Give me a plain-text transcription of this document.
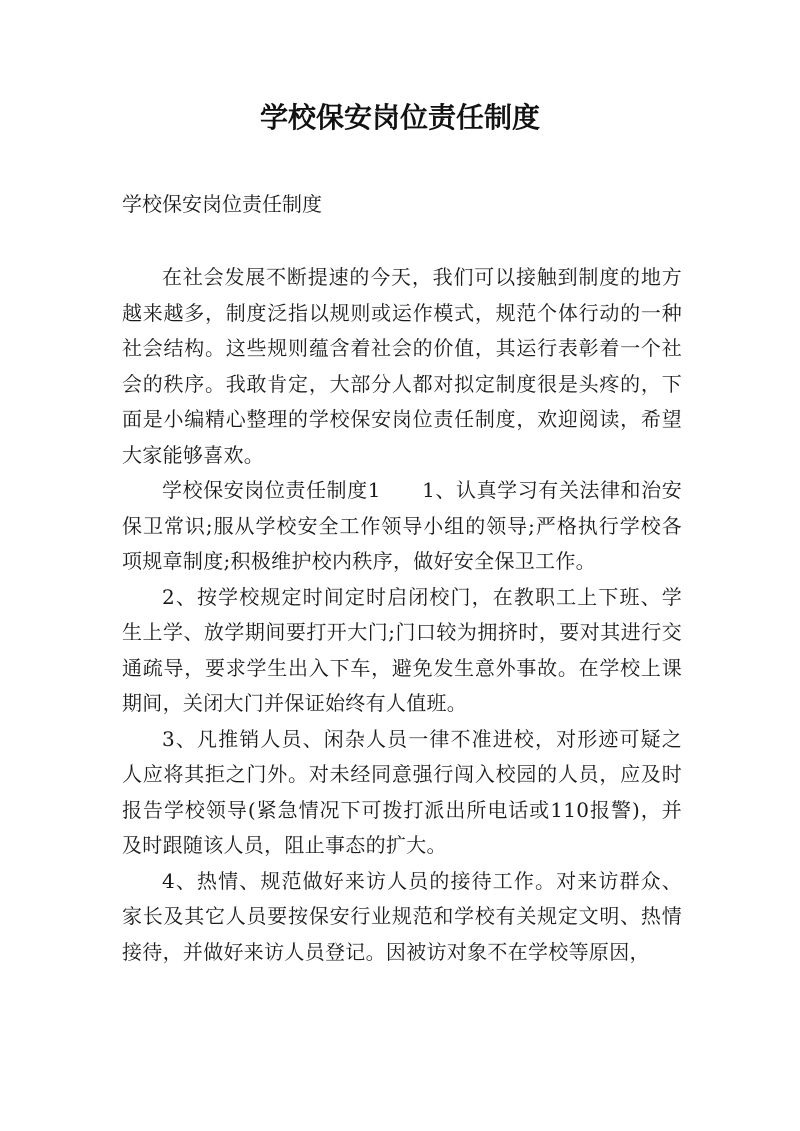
学校保安岗位责任制度

学校保安岗位责任制度

在社会发展不断提速的今天，我们可以接触到制度的地方越来越多，制度泛指以规则或运作模式，规范个体行动的一种社会结构。这些规则蕴含着社会的价值，其运行表彰着一个社会的秩序。我敢肯定，大部分人都对拟定制度很是头疼的，下面是小编精心整理的学校保安岗位责任制度，欢迎阅读，希望大家能够喜欢。

学校保安岗位责任制度1　　1、认真学习有关法律和治安保卫常识;服从学校安全工作领导小组的领导;严格执行学校各项规章制度;积极维护校内秩序，做好安全保卫工作。

2、按学校规定时间定时启闭校门，在教职工上下班、学生上学、放学期间要打开大门;门口较为拥挤时，要对其进行交通疏导，要求学生出入下车，避免发生意外事故。在学校上课期间，关闭大门并保证始终有人值班。

3、凡推销人员、闲杂人员一律不准进校，对形迹可疑之人应将其拒之门外。对未经同意强行闯入校园的人员，应及时报告学校领导(紧急情况下可拨打派出所电话或110报警)，并及时跟随该人员，阻止事态的扩大。

4、热情、规范做好来访人员的接待工作。对来访群众、家长及其它人员要按保安行业规范和学校有关规定文明、热情接待，并做好来访人员登记。因被访对象不在学校等原因，
